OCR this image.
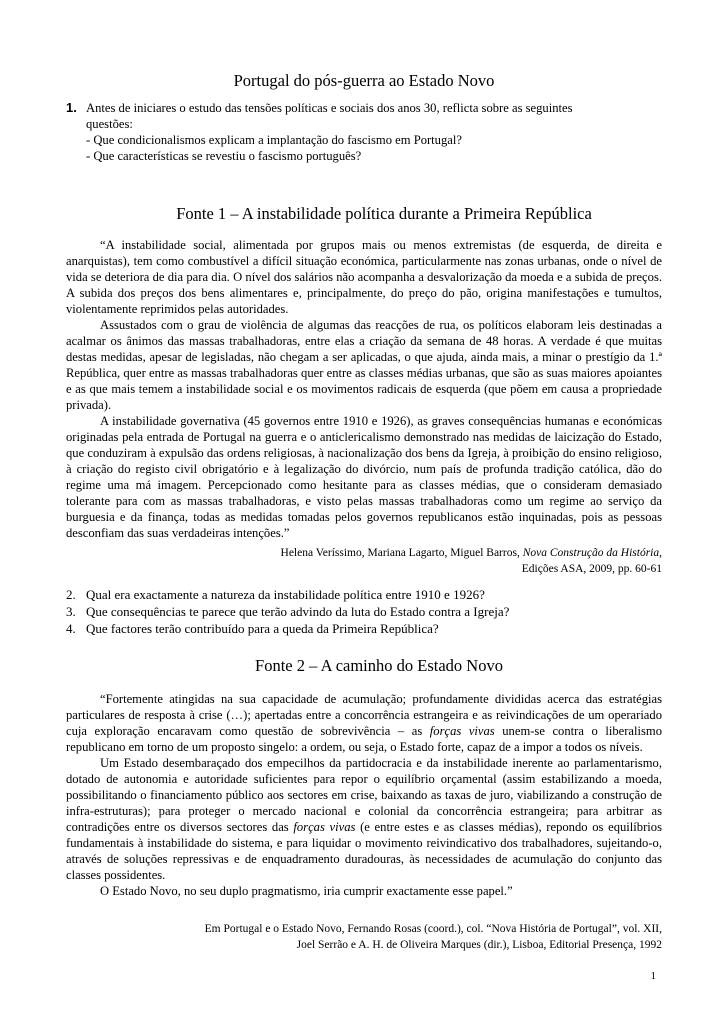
Portugal do pós-guerra ao Estado Novo
1. Antes de iniciares o estudo das tensões políticas e sociais dos anos 30, reflicta sobre as seguintes
questões:
- Que condicionalismos explicam a implantação do fascismo em Portugal?
- Que características se revestiu o fascismo português?
Fonte 1 – A instabilidade política durante a Primeira República

“A instabilidade social, alimentada por grupos mais ou menos extremistas (de esquerda, de direita e anarquistas), tem como combustível a difícil situação económica, particularmente nas zonas urbanas, onde o nível de vida se deteriora de dia para dia. O nível dos salários não acompanha a desvalorização da moeda e a subida de preços. A subida dos preços dos bens alimentares e, principalmente, do preço do pão, origina manifestações e tumultos, violentamente reprimidos pelas autoridades.

Assustados com o grau de violência de algumas das reacções de rua, os políticos elaboram leis destinadas a acalmar os ânimos das massas trabalhadoras, entre elas a criação da semana de 48 horas. A verdade é que muitas destas medidas, apesar de legisladas, não chegam a ser aplicadas, o que ajuda, ainda mais, a minar o prestígio da 1.ª República, quer entre as massas trabalhadoras quer entre as classes médias urbanas, que são as suas maiores apoiantes e as que mais temem a instabilidade social e os movimentos radicais de esquerda (que põem em causa a propriedade privada).

A instabilidade governativa (45 governos entre 1910 e 1926), as graves consequências humanas e económicas originadas pela entrada de Portugal na guerra e o anticlericalismo demonstrado nas medidas de laicização do Estado, que conduziram à expulsão das ordens religiosas, à nacionalização dos bens da Igreja, à proibição do ensino religioso, à criação do registo civil obrigatório e à legalização do divórcio, num país de profunda tradição católica, dão do regime uma má imagem. Percepcionado como hesitante para as classes médias, que o consideram demasiado tolerante para com as massas trabalhadoras, e visto pelas massas trabalhadoras como um regime ao serviço da burguesia e da finança, todas as medidas tomadas pelos governos republicanos estão inquinadas, pois as pessoas desconfiam das suas verdadeiras intenções.”

Helena Veríssimo, Mariana Lagarto, Miguel Barros, Nova Construção da História,
Edições ASA, 2009, pp. 60-61
2. Qual era exactamente a natureza da instabilidade política entre 1910 e 1926?
3. Que consequências te parece que terão advindo da luta do Estado contra a Igreja?
4. Que factores terão contribuído para a queda da Primeira República?
Fonte 2 – A caminho do Estado Novo

“Fortemente atingidas na sua capacidade de acumulação; profundamente divididas acerca das estratégias particulares de resposta à crise (…); apertadas entre a concorrência estrangeira e as reivindicações de um operariado cuja exploração encaravam como questão de sobrevivência – as forças vivas unem-se contra o liberalismo republicano em torno de um proposto singelo: a ordem, ou seja, o Estado forte, capaz de a impor a todos os níveis.

Um Estado desembaraçado dos empecilhos da partidocracia e da instabilidade inerente ao parlamentarismo, dotado de autonomia e autoridade suficientes para repor o equilíbrio orçamental (assim estabilizando a moeda, possibilitando o financiamento público aos sectores em crise, baixando as taxas de juro, viabilizando a construção de infra-estruturas); para proteger o mercado nacional e colonial da concorrência estrangeira; para arbitrar as contradições entre os diversos sectores das forças vivas (e entre estes e as classes médias), repondo os equilíbrios fundamentais à instabilidade do sistema, e para liquidar o movimento reivindicativo dos trabalhadores, sujeitando-o, através de soluções repressivas e de enquadramento duradouras, às necessidades de acumulação do conjunto das classes possidentes.

O Estado Novo, no seu duplo pragmatismo, iria cumprir exactamente esse papel.”

Em Portugal e o Estado Novo, Fernando Rosas (coord.), col. “Nova História de Portugal”, vol. XII,
Joel Serrão e A. H. de Oliveira Marques (dir.), Lisboa, Editorial Presença, 1992
1
